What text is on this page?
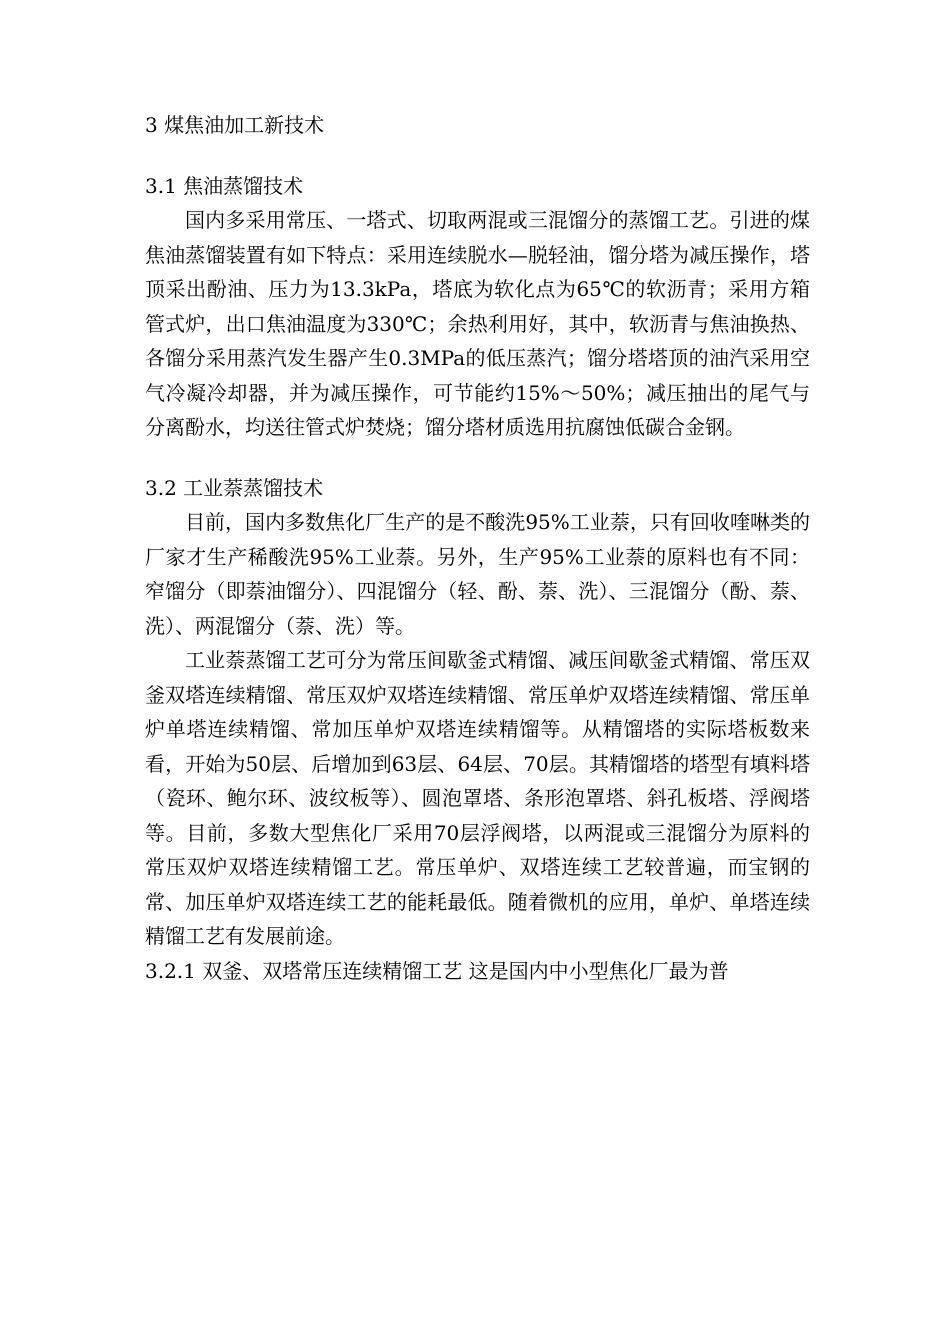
3 煤焦油加工新技术
3.1 焦油蒸馏技术
国内多采用常压、一塔式、切取两混或三混馏分的蒸馏工艺。引进的煤焦油蒸馏装置有如下特点：采用连续脱水—脱轻油，馏分塔为减压操作，塔顶采出酚油、压力为13.3kPa，塔底为软化点为65℃的软沥青；采用方箱管式炉，出口焦油温度为330℃；余热利用好，其中，软沥青与焦油换热、各馏分采用蒸汽发生器产生0.3MPa的低压蒸汽；馏分塔塔顶的油汽采用空气冷凝冷却器，并为减压操作，可节能约15%～50%；减压抽出的尾气与分离酚水，均送往管式炉焚烧；馏分塔材质选用抗腐蚀低碳合金钢。
3.2 工业萘蒸馏技术
目前，国内多数焦化厂生产的是不酸洗95%工业萘，只有回收喹啉类的厂家才生产稀酸洗95%工业萘。另外，生产95%工业萘的原料也有不同：窄馏分（即萘油馏分）、四混馏分（轻、酚、萘、洗）、三混馏分（酚、萘、洗）、两混馏分（萘、洗）等。
工业萘蒸馏工艺可分为常压间歇釜式精馏、减压间歇釜式精馏、常压双釜双塔连续精馏、常压双炉双塔连续精馏、常压单炉双塔连续精馏、常压单炉单塔连续精馏、常加压单炉双塔连续精馏等。从精馏塔的实际塔板数来看，开始为50层、后增加到63层、64层、70层。其精馏塔的塔型有填料塔（瓷环、鲍尔环、波纹板等）、圆泡罩塔、条形泡罩塔、斜孔板塔、浮阀塔等。目前，多数大型焦化厂采用70层浮阀塔，以两混或三混馏分为原料的常压双炉双塔连续精馏工艺。常压单炉、双塔连续工艺较普遍，而宝钢的常、加压单炉双塔连续工艺的能耗最低。随着微机的应用，单炉、单塔连续精馏工艺有发展前途。
3.2.1 双釜、双塔常压连续精馏工艺 这是国内中小型焦化厂最为普
